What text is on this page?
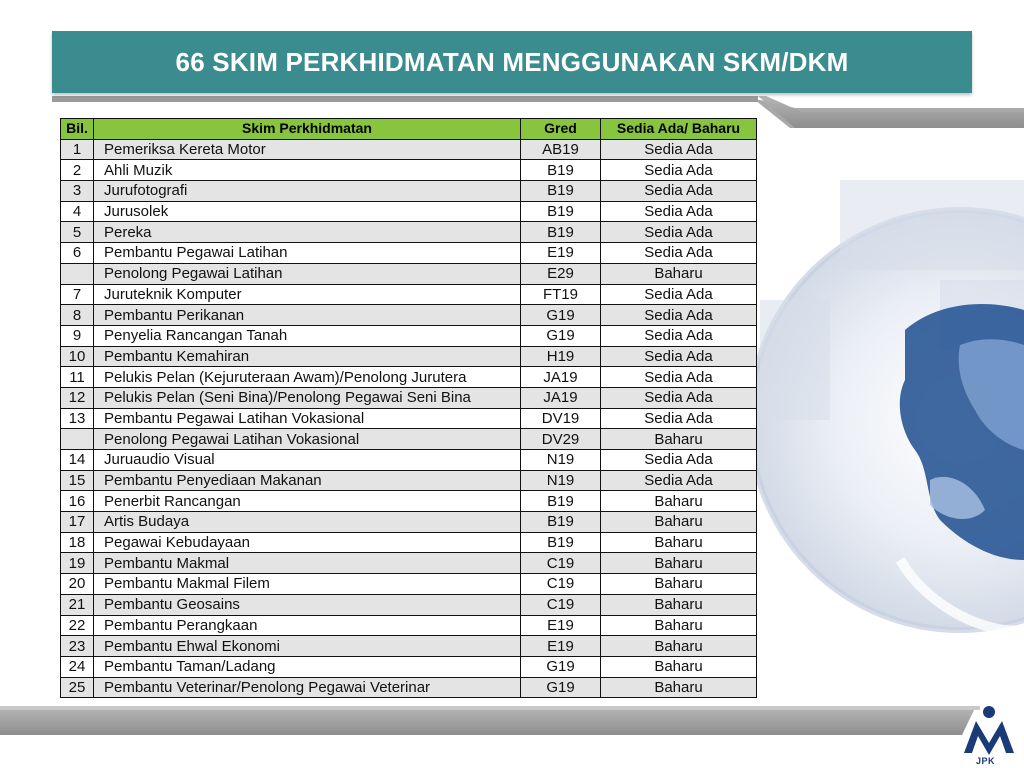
66 SKIM PERKHIDMATAN MENGGUNAKAN SKM/DKM
Bil.	Skim Perkhidmatan	Gred	Sedia Ada/ Baharu
1	Pemeriksa Kereta Motor	AB19	Sedia Ada
2	Ahli Muzik	B19	Sedia Ada
3	Jurufotografi	B19	Sedia Ada
4	Jurusolek	B19	Sedia Ada
5	Pereka	B19	Sedia Ada
6	Pembantu Pegawai Latihan	E19	Sedia Ada
	Penolong Pegawai Latihan	E29	Baharu
7	Juruteknik Komputer	FT19	Sedia Ada
8	Pembantu Perikanan	G19	Sedia Ada
9	Penyelia Rancangan Tanah	G19	Sedia Ada
10	Pembantu Kemahiran	H19	Sedia Ada
11	Pelukis Pelan (Kejuruteraan Awam)/Penolong Jurutera	JA19	Sedia Ada
12	Pelukis Pelan (Seni Bina)/Penolong Pegawai Seni Bina	JA19	Sedia Ada
13	Pembantu Pegawai Latihan Vokasional	DV19	Sedia Ada
	Penolong Pegawai Latihan Vokasional	DV29	Baharu
14	Juruaudio Visual	N19	Sedia Ada
15	Pembantu Penyediaan Makanan	N19	Sedia Ada
16	Penerbit Rancangan	B19	Baharu
17	Artis Budaya	B19	Baharu
18	Pegawai Kebudayaan	B19	Baharu
19	Pembantu Makmal	C19	Baharu
20	Pembantu Makmal Filem	C19	Baharu
21	Pembantu Geosains	C19	Baharu
22	Pembantu Perangkaan	E19	Baharu
23	Pembantu Ehwal Ekonomi	E19	Baharu
24	Pembantu Taman/Ladang	G19	Baharu
25	Pembantu Veterinar/Penolong Pegawai Veterinar	G19	Baharu
JPK
